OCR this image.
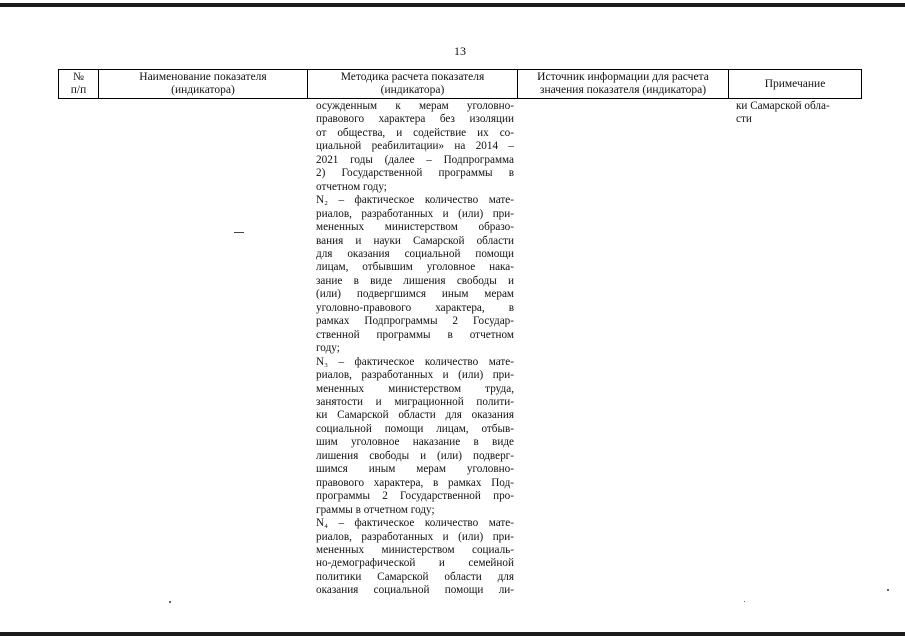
13
№
п/п
Наименование показателя
(индикатора)
Методика расчета показателя
(индикатора)
Источник информации для расчета
значения показателя (индикатора)	Примечание
осужденным к мерам уголовно-
правового характера без изоляции
от общества, и содействие их со-
циальной реабилитации» на 2014 –
2021 годы (далее – Подпрограмма
2) Государственной программы в
отчетном году;
N₂ – фактическое количество мате-
риалов, разработанных и (или) при-
мененных министерством образо-
вания и науки Самарской области
для оказания социальной помощи
лицам, отбывшим уголовное нака-
зание в виде лишения свободы и
(или) подвергшимся иным мерам
уголовно-правового характера, в
рамках Подпрограммы 2 Государ-
ственной программы в отчетном
году;
N₃ – фактическое количество мате-
риалов, разработанных и (или) при-
мененных министерством труда,
занятости и миграционной полити-
ки Самарской области для оказания
социальной помощи лицам, отбыв-
шим уголовное наказание в виде
лишения свободы и (или) подверг-
шимся иным мерам уголовно-
правового характера, в рамках Под-
программы 2 Государственной про-
граммы в отчетном году;
N₄ – фактическое количество мате-
риалов, разработанных и (или) при-
мененных министерством социаль-
но-демографической и семейной
политики Самарской области для
оказания социальной помощи ли-
ки Самарской обла-
сти
